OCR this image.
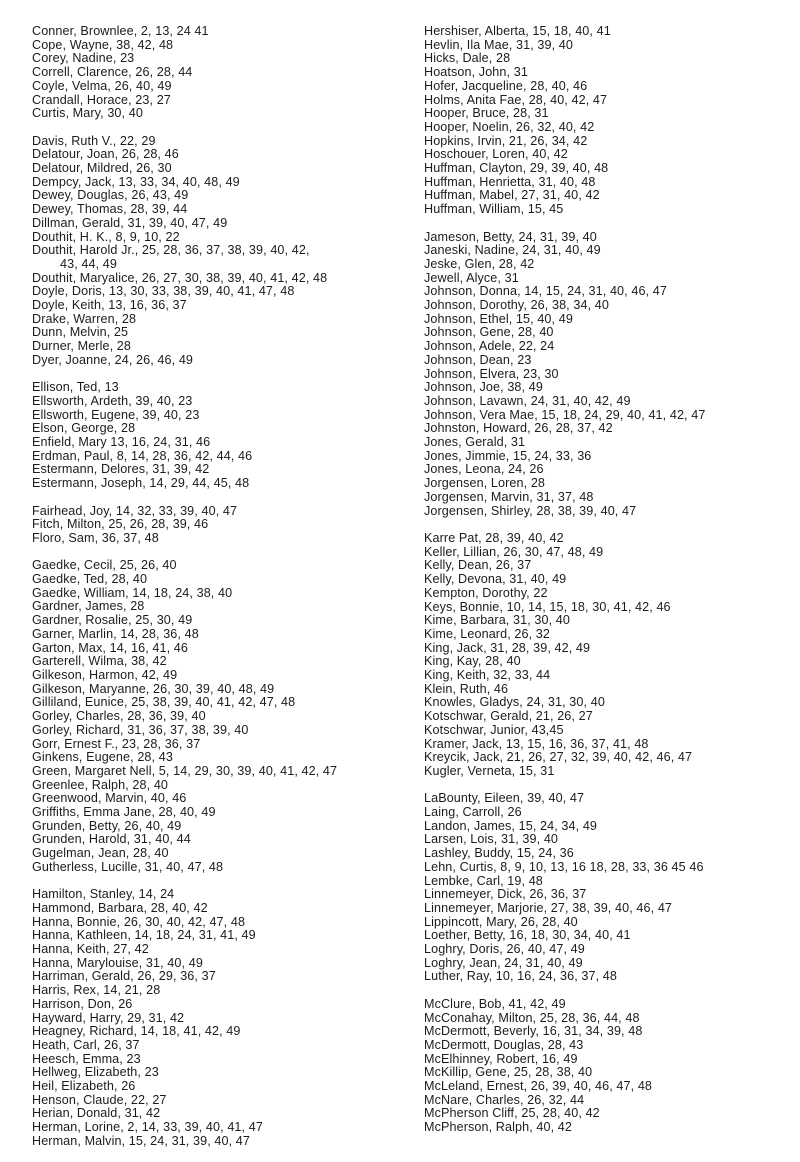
Conner, Brownlee, 2, 13, 24 41
Cope, Wayne, 38, 42, 48
Corey, Nadine, 23
Correll, Clarence, 26, 28, 44
Coyle, Velma, 26, 40, 49
Crandall, Horace, 23, 27
Curtis, Mary, 30, 40
Davis, Ruth V., 22, 29
Delatour, Joan, 26, 28, 46
Delatour, Mildred, 26, 30
Dempcy, Jack, 13, 33, 34, 40, 48, 49
Dewey, Douglas, 26, 43, 49
Dewey, Thomas, 28, 39, 44
Dillman, Gerald, 31, 39, 40, 47, 49
Douthit, H. K., 8, 9, 10, 22
Douthit, Harold Jr., 25, 28, 36, 37, 38, 39, 40, 42,
43, 44, 49
Douthit, Maryalice, 26, 27, 30, 38, 39, 40, 41, 42, 48
Doyle, Doris, 13, 30, 33, 38, 39, 40, 41, 47, 48
Doyle, Keith, 13, 16, 36, 37
Drake, Warren, 28
Dunn, Melvin, 25
Durner, Merle, 28
Dyer, Joanne, 24, 26, 46, 49
Ellison, Ted, 13
Ellsworth, Ardeth, 39, 40, 23
Ellsworth, Eugene, 39, 40, 23
Elson, George, 28
Enfield, Mary 13, 16, 24, 31, 46
Erdman, Paul, 8, 14, 28, 36, 42, 44, 46
Estermann, Delores, 31, 39, 42
Estermann, Joseph, 14, 29, 44, 45, 48
Fairhead, Joy, 14, 32, 33, 39, 40, 47
Fitch, Milton, 25, 26, 28, 39, 46
Floro, Sam, 36, 37, 48
Gaedke, Cecil, 25, 26, 40
Gaedke, Ted, 28, 40
Gaedke, William, 14, 18, 24, 38, 40
Gardner, James, 28
Gardner, Rosalie, 25, 30, 49
Garner, Marlin, 14, 28, 36, 48
Garton, Max, 14, 16, 41, 46
Garterell, Wilma, 38, 42
Gilkeson, Harmon, 42, 49
Gilkeson, Maryanne, 26, 30, 39, 40, 48, 49
Gilliland, Eunice, 25, 38, 39, 40, 41, 42, 47, 48
Gorley, Charles, 28, 36, 39, 40
Gorley, Richard, 31, 36, 37, 38, 39, 40
Gorr, Ernest F., 23, 28, 36, 37
Ginkens, Eugene, 28, 43
Green, Margaret Nell, 5, 14, 29, 30, 39, 40, 41, 42, 47
Greenlee, Ralph, 28, 40
Greenwood, Marvin, 40, 46
Griffiths, Emma Jane, 28, 40, 49
Grunden, Betty, 26, 40, 49
Grunden, Harold, 31, 40, 44
Gugelman, Jean, 28, 40
Gutherless, Lucille, 31, 40, 47, 48
Hamilton, Stanley, 14, 24
Hammond, Barbara, 28, 40, 42
Hanna, Bonnie, 26, 30, 40, 42, 47, 48
Hanna, Kathleen, 14, 18, 24, 31, 41, 49
Hanna, Keith, 27, 42
Hanna, Marylouise, 31, 40, 49
Harriman, Gerald, 26, 29, 36, 37
Harris, Rex, 14, 21, 28
Harrison, Don, 26
Hayward, Harry, 29, 31, 42
Heagney, Richard, 14, 18, 41, 42, 49
Heath, Carl, 26, 37
Heesch, Emma, 23
Hellweg, Elizabeth, 23
Heil, Elizabeth, 26
Henson, Claude, 22, 27
Herian, Donald, 31, 42
Herman, Lorine, 2, 14, 33, 39, 40, 41, 47
Herman, Malvin, 15, 24, 31, 39, 40, 47
Hershiser, Alberta, 15, 18, 40, 41
Hevlin, Ila Mae, 31, 39, 40
Hicks, Dale, 28
Hoatson, John, 31
Hofer, Jacqueline, 28, 40, 46
Holms, Anita Fae, 28, 40, 42, 47
Hooper, Bruce, 28, 31
Hooper, Noelin, 26, 32, 40, 42
Hopkins, Irvin, 21, 26, 34, 42
Hoschouer, Loren, 40, 42
Huffman, Clayton, 29, 39, 40, 48
Huffman, Henrietta, 31, 40, 48
Huffman, Mabel, 27, 31, 40, 42
Huffman, William, 15, 45
Jameson, Betty, 24, 31, 39, 40
Janeski, Nadine, 24, 31, 40, 49
Jeske, Glen, 28, 42
Jewell, Alyce, 31
Johnson, Donna, 14, 15, 24, 31, 40, 46, 47
Johnson, Dorothy, 26, 38, 34, 40
Johnson, Ethel, 15, 40, 49
Johnson, Gene, 28, 40
Johnson, Adele, 22, 24
Johnson, Dean, 23
Johnson, Elvera, 23, 30
Johnson, Joe, 38, 49
Johnson, Lavawn, 24, 31, 40, 42, 49
Johnson, Vera Mae, 15, 18, 24, 29, 40, 41, 42, 47
Johnston, Howard, 26, 28, 37, 42
Jones, Gerald, 31
Jones, Jimmie, 15, 24, 33, 36
Jones, Leona, 24, 26
Jorgensen, Loren, 28
Jorgensen, Marvin, 31, 37, 48
Jorgensen, Shirley, 28, 38, 39, 40, 47
Karre Pat, 28, 39, 40, 42
Keller, Lillian, 26, 30, 47, 48, 49
Kelly, Dean, 26, 37
Kelly, Devona, 31, 40, 49
Kempton, Dorothy, 22
Keys, Bonnie, 10, 14, 15, 18, 30, 41, 42, 46
Kime, Barbara, 31, 30, 40
Kime, Leonard, 26, 32
King, Jack, 31, 28, 39, 42, 49
King, Kay, 28, 40
King, Keith, 32, 33, 44
Klein, Ruth, 46
Knowles, Gladys, 24, 31, 30, 40
Kotschwar, Gerald, 21, 26, 27
Kotschwar, Junior, 43,45
Kramer, Jack, 13, 15, 16, 36, 37, 41, 48
Kreycik, Jack, 21, 26, 27, 32, 39, 40, 42, 46, 47
Kugler, Verneta, 15, 31
LaBounty, Eileen, 39, 40, 47
Laing, Carroll, 26
Landon, James, 15, 24, 34, 49
Larsen, Lois, 31, 39, 40
Lashley, Buddy, 15, 24, 36
Lehn, Curtis, 8, 9, 10, 13, 16 18, 28, 33, 36 45 46
Lembke, Carl, 19, 48
Linnemeyer, Dick, 26, 36, 37
Linnemeyer, Marjorie, 27, 38, 39, 40, 46, 47
Lippincott, Mary, 26, 28, 40
Loether, Betty, 16, 18, 30, 34, 40, 41
Loghry, Doris, 26, 40, 47, 49
Loghry, Jean, 24, 31, 40, 49
Luther, Ray, 10, 16, 24, 36, 37, 48
McClure, Bob, 41, 42, 49
McConahay, Milton, 25, 28, 36, 44, 48
McDermott, Beverly, 16, 31, 34, 39, 48
McDermott, Douglas, 28, 43
McElhinney, Robert, 16, 49
McKillip, Gene, 25, 28, 38, 40
McLeland, Ernest, 26, 39, 40, 46, 47, 48
McNare, Charles, 26, 32, 44
McPherson Cliff, 25, 28, 40, 42
McPherson, Ralph, 40, 42
